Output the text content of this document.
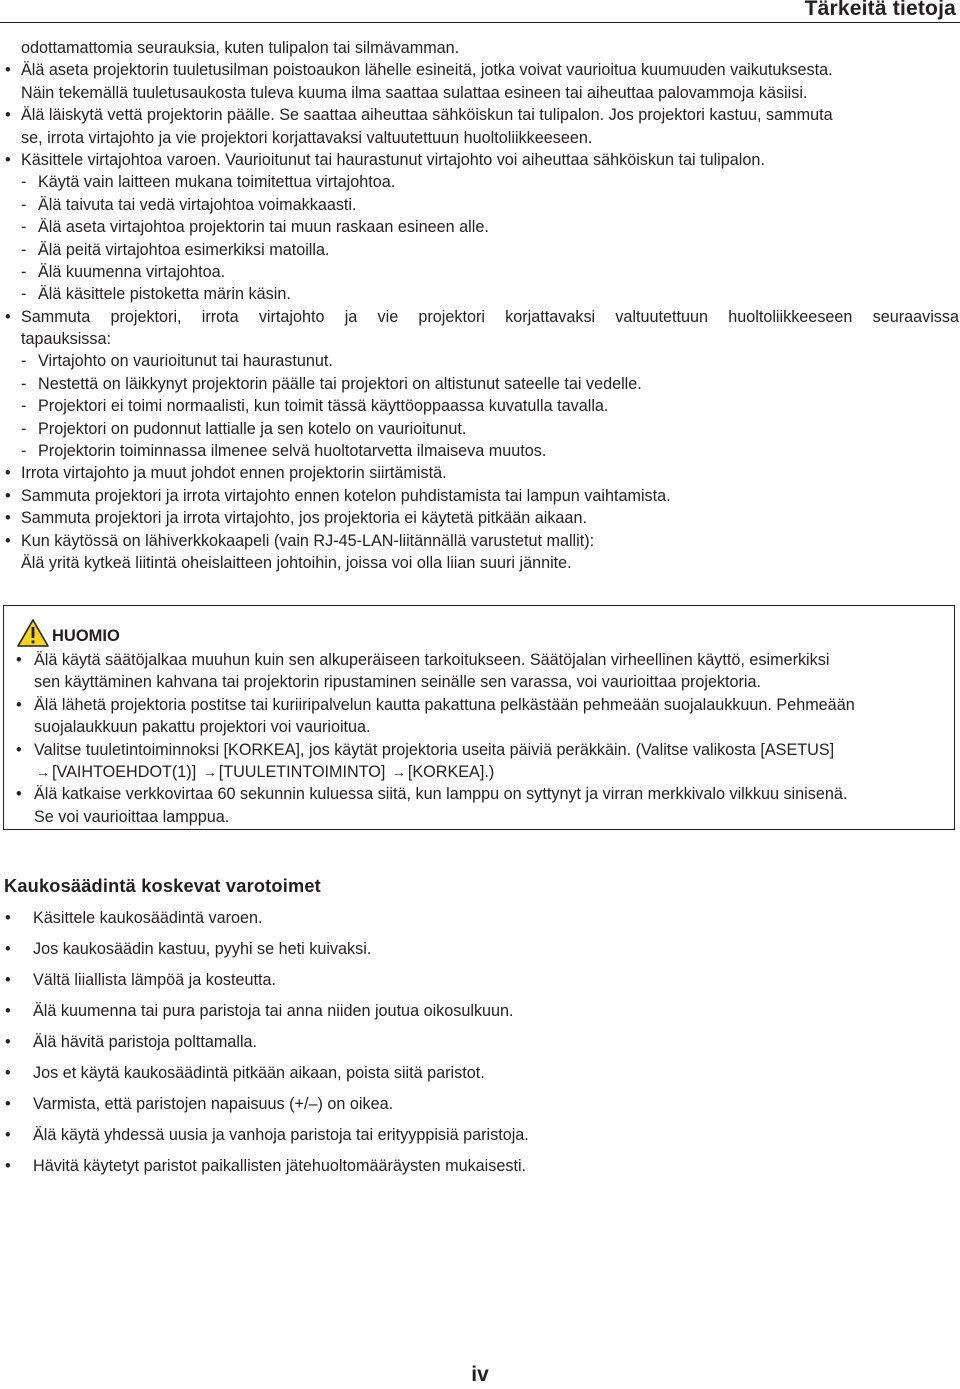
Tärkeitä tietoja
odottamattomia seurauksia, kuten tulipalon tai silmävamman.
• Älä aseta projektorin tuuletusilman poistoaukon lähelle esineitä, jotka voivat vaurioitua kuumuuden vaikutuksesta.
Näin tekemällä tuuletusaukosta tuleva kuuma ilma saattaa sulattaa esineen tai aiheuttaa palovammoja käsiisi.
• Älä läiskytä vettä projektorin päälle. Se saattaa aiheuttaa sähköiskun tai tulipalon. Jos projektori kastuu, sammuta
se, irrota virtajohto ja vie projektori korjattavaksi valtuutettuun huoltoliikkeeseen.
• Käsittele virtajohtoa varoen. Vaurioitunut tai haurastunut virtajohto voi aiheuttaa sähköiskun tai tulipalon.
- Käytä vain laitteen mukana toimitettua virtajohtoa.
- Älä taivuta tai vedä virtajohtoa voimakkaasti.
- Älä aseta virtajohtoa projektorin tai muun raskaan esineen alle.
- Älä peitä virtajohtoa esimerkiksi matoilla.
- Älä kuumenna virtajohtoa.
- Älä käsittele pistoketta märin käsin.
• Sammuta projektori, irrota virtajohto ja vie projektori korjattavaksi valtuutettuun huoltoliikkeeseen seuraavissa
tapauksissa:
- Virtajohto on vaurioitunut tai haurastunut.
- Nestettä on läikkynyt projektorin päälle tai projektori on altistunut sateelle tai vedelle.
- Projektori ei toimi normaalisti, kun toimit tässä käyttöoppaassa kuvatulla tavalla.
- Projektori on pudonnut lattialle ja sen kotelo on vaurioitunut.
- Projektorin toiminnassa ilmenee selvä huoltotarvetta ilmaiseva muutos.
• Irrota virtajohto ja muut johdot ennen projektorin siirtämistä.
• Sammuta projektori ja irrota virtajohto ennen kotelon puhdistamista tai lampun vaihtamista.
• Sammuta projektori ja irrota virtajohto, jos projektoria ei käytetä pitkään aikaan.
• Kun käytössä on lähiverkkokaapeli (vain RJ-45-LAN-liitännällä varustetut mallit):
Älä yritä kytkeä liitintä oheislaitteen johtoihin, joissa voi olla liian suuri jännite.
HUOMIO
• Älä käytä säätöjalkaa muuhun kuin sen alkuperäiseen tarkoitukseen. Säätöjalan virheellinen käyttö, esimerkiksi
sen käyttäminen kahvana tai projektorin ripustaminen seinälle sen varassa, voi vaurioittaa projektoria.
• Älä lähetä projektoria postitse tai kuriiripalvelun kautta pakattuna pelkästään pehmeään suojalaukkuun. Pehmeään
suojalaukkuun pakattu projektori voi vaurioitua.
• Valitse tuuletintoiminnoksi [KORKEA], jos käytät projektoria useita päiviä peräkkäin. (Valitse valikosta [ASETUS]
→ [VAIHTOEHDOT(1)] → [TUULETINTOIMINTO] → [KORKEA].)
• Älä katkaise verkkovirtaa 60 sekunnin kuluessa siitä, kun lamppu on syttynyt ja virran merkkivalo vilkkuu sinisenä.
Se voi vaurioittaa lamppua.
Kaukosäädintä koskevat varotoimet
• Käsittele kaukosäädintä varoen.
• Jos kaukosäädin kastuu, pyyhi se heti kuivaksi.
• Vältä liiallista lämpöä ja kosteutta.
• Älä kuumenna tai pura paristoja tai anna niiden joutua oikosulkuun.
• Älä hävitä paristoja polttamalla.
• Jos et käytä kaukosäädintä pitkään aikaan, poista siitä paristot.
• Varmista, että paristojen napaisuus (+/–) on oikea.
• Älä käytä yhdessä uusia ja vanhoja paristoja tai erityyppisiä paristoja.
• Hävitä käytetyt paristot paikallisten jätehuoltomääräysten mukaisesti.
iv
